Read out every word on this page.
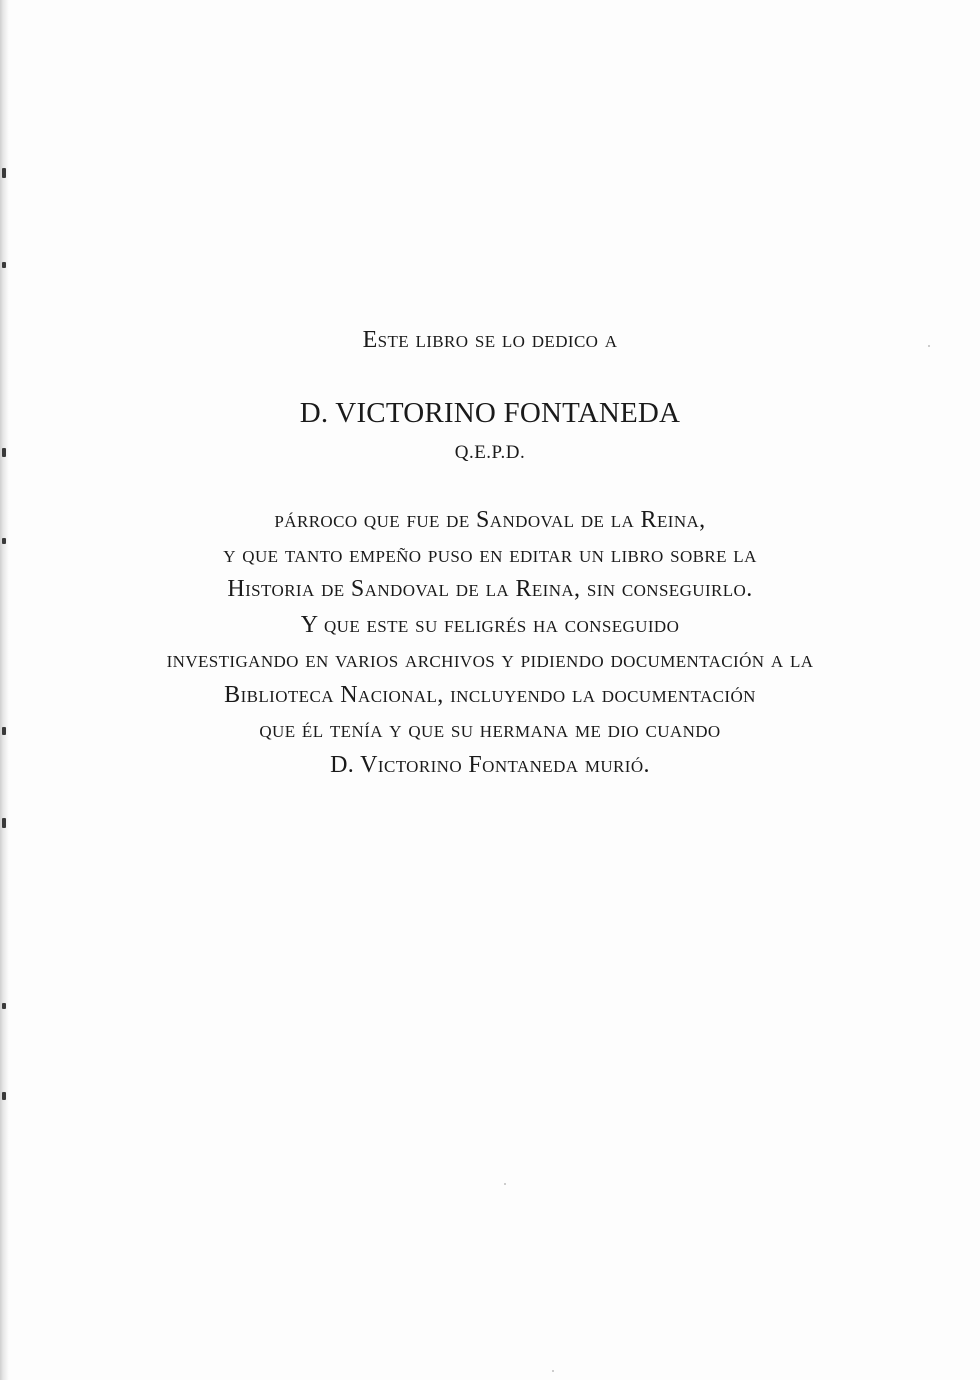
Este libro se lo dedico a
D. VICTORINO FONTANEDA
Q.E.P.D.
párroco que fue de Sandoval de la Reina,
y que tanto empeño puso en editar un libro sobre la
Historia de Sandoval de la Reina, sin conseguirlo.
Y que este su feligrés ha conseguido
investigando en varios archivos y pidiendo documentación a la
Biblioteca Nacional, incluyendo la documentación
que él tenía y que su hermana me dio cuando
D. Victorino Fontaneda murió.
